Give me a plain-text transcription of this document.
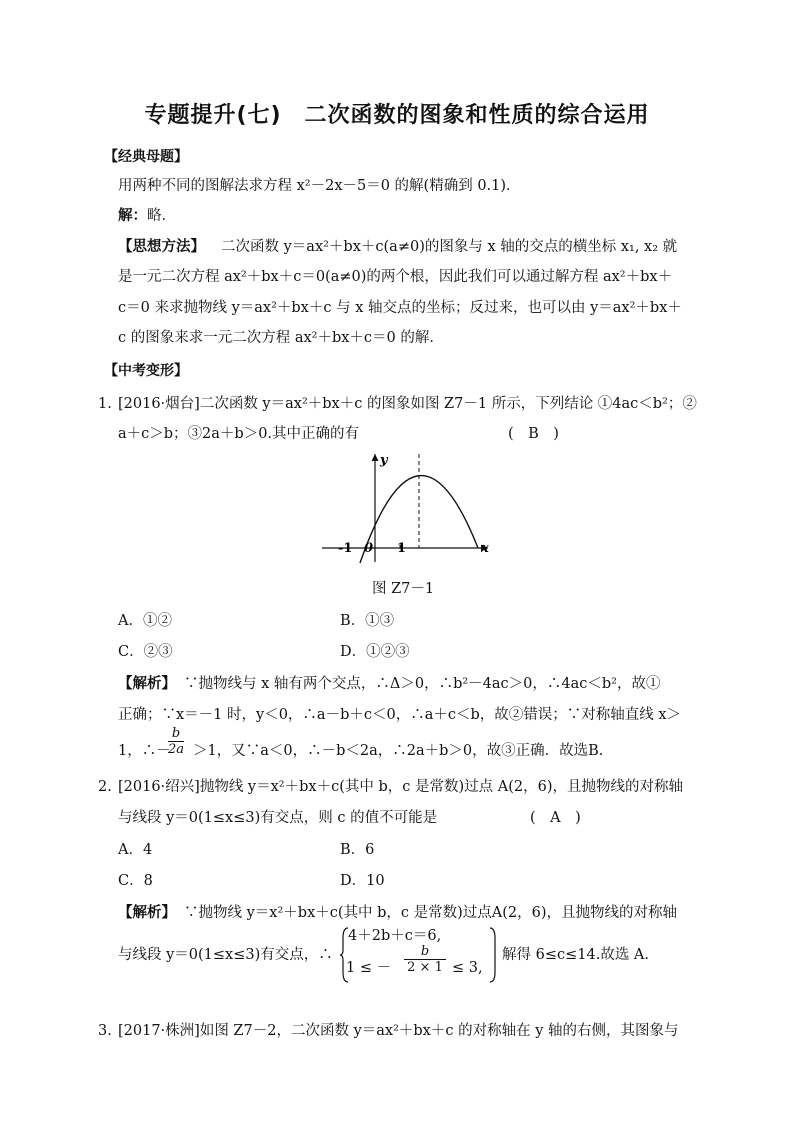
专题提升(七)　二次函数的图象和性质的综合运用
【经典母题】
用两种不同的图解法求方程 x²－2x－5＝0 的解(精确到 0.1)．
解：略．
【思想方法】 二次函数 y＝ax²＋bx＋c(a≠0)的图象与 x 轴的交点的横坐标 x₁, x₂ 就
是一元二次方程 ax²＋bx＋c＝0(a≠0)的两个根，因此我们可以通过解方程 ax²＋bx＋
c＝0 来求抛物线 y＝ax²＋bx＋c 与 x 轴交点的坐标；反过来，也可以由 y＝ax²＋bx＋
c 的图象来求一元二次方程 ax²＋bx＋c＝0 的解．
【中考变形】
1. [2016·烟台]二次函数 y＝ax²＋bx＋c 的图象如图 Z7－1 所示，下列结论 ①4ac＜b²；②
a＋c＞b；③2a＋b＞0.其中正确的有	(　B　)
y
x
-1 0 1
图 Z7－1
A．①②	B．①③
C．②③	D．①②③
【解析】 ∵抛物线与 x 轴有两个交点，∴Δ＞0，∴b²－4ac＞0，∴4ac＜b²，故①
正确；∵x＝－1 时，y＜0，∴a－b＋c＜0，∴a＋c＜b，故②错误；∵对称轴直线 x＞
1，∴－
$\frac{b}{2a} >1$，又∵a＜0，∴－b＜2a，∴2a＋b＞0，故③正确．故选B.
2. [2016·绍兴]抛物线 y＝x²＋bx＋c(其中 b，c 是常数)过点 A(2，6)，且抛物线的对称轴
与线段 y＝0(1≤x≤3)有交点，则 c 的值不可能是	(　A　)
A．4	B．6
C．8	D．10
【解析】 ∵抛物线 y＝x²＋bx＋c(其中 b，c 是常数)过点A(2，6)，且抛物线的对称轴
与线段 y＝0(1≤x≤3)有交点，∴
4＋2b＋c＝6,
1 ≤ － $\frac{b}{2 \times 1} \le 3$,
解得 6≤c≤14.故选 A.
3. [2017·株洲]如图 Z7－2，二次函数 y＝ax²＋bx＋c 的对称轴在 y 轴的右侧，其图象与
